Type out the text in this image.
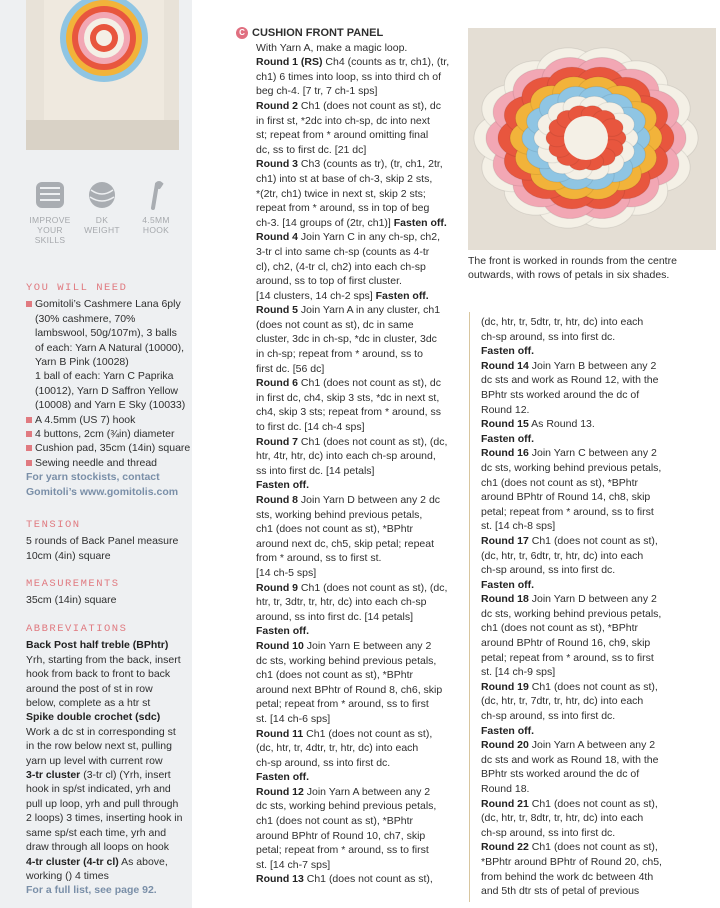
IMPROVE
YOUR SKILLS
DK
WEIGHT
4.5MM
HOOK
YOU WILL NEED
Gomitoli’s Cashmere Lana 6ply
(30% cashmere, 70%
lambswool, 50g/107m), 3 balls
of each: Yarn A Natural (10000),
Yarn B Pink (10028)
1 ball of each: Yarn C Paprika
(10012), Yarn D Saffron Yellow
(10008) and Yarn E Sky (10033)
A 4.5mm (US 7) hook
4 buttons, 2cm (¾in) diameter
Cushion pad, 35cm (14in) square
Sewing needle and thread
For yarn stockists, contact
Gomitoli’s www.gomitolis.com
TENSION
5 rounds of Back Panel measure
10cm (4in) square
MEASUREMENTS
35cm (14in) square
ABBREVIATIONS
Back Post half treble (BPhtr)
Yrh, starting from the back, insert
hook from back to front to back
around the post of st in row
below, complete as a htr st
Spike double crochet (sdc)
Work a dc st in corresponding st
in the row below next st, pulling
yarn up level with current row
3-tr cluster (3-tr cl) (Yrh, insert
hook in sp/st indicated, yrh and
pull up loop, yrh and pull through
2 loops) 3 times, inserting hook in
same sp/st each time, yrh and
draw through all loops on hook
4-tr cluster (4-tr cl) As above,
working () 4 times
For a full list, see page 92.
C CUSHION FRONT PANEL

With Yarn A, make a magic loop.

Round 1 (RS) Ch4 (counts as tr, ch1), (tr,

ch1) 6 times into loop, ss into third ch of

beg ch-4. [7 tr, 7 ch-1 sps]

Round 2 Ch1 (does not count as st), dc

in first st, *2dc into ch-sp, dc into next

st; repeat from * around omitting final

dc, ss to first dc. [21 dc]

Round 3 Ch3 (counts as tr), (tr, ch1, 2tr,

ch1) into st at base of ch-3, skip 2 sts,

*(2tr, ch1) twice in next st, skip 2 sts;

repeat from * around, ss in top of beg

ch-3. [14 groups of (2tr, ch1)] Fasten off.

Round 4 Join Yarn C in any ch-sp, ch2,

3-tr cl into same ch-sp (counts as 4-tr

cl), ch2, (4-tr cl, ch2) into each ch-sp

around, ss to top of first cluster.

[14 clusters, 14 ch-2 sps] Fasten off.

Round 5 Join Yarn A in any cluster, ch1

(does not count as st), dc in same

cluster, 3dc in ch-sp, *dc in cluster, 3dc

in ch-sp; repeat from * around, ss to

first dc. [56 dc]

Round 6 Ch1 (does not count as st), dc

in first dc, ch4, skip 3 sts, *dc in next st,

ch4, skip 3 sts; repeat from * around, ss

to first dc. [14 ch-4 sps]

Round 7 Ch1 (does not count as st), (dc,

htr, 4tr, htr, dc) into each ch-sp around,

ss into first dc. [14 petals]

Fasten off.

Round 8 Join Yarn D between any 2 dc

sts, working behind previous petals,

ch1 (does not count as st), *BPhtr

around next dc, ch5, skip petal; repeat

from * around, ss to first st.

[14 ch-5 sps]

Round 9 Ch1 (does not count as st), (dc,

htr, tr, 3dtr, tr, htr, dc) into each ch-sp

around, ss into first dc. [14 petals]

Fasten off.

Round 10 Join Yarn E between any 2

dc sts, working behind previous petals,

ch1 (does not count as st), *BPhtr

around next BPhtr of Round 8, ch6, skip

petal; repeat from * around, ss to first

st. [14 ch-6 sps]

Round 11 Ch1 (does not count as st),

(dc, htr, tr, 4dtr, tr, htr, dc) into each

ch-sp around, ss into first dc.

Fasten off.

Round 12 Join Yarn A between any 2

dc sts, working behind previous petals,

ch1 (does not count as st), *BPhtr

around BPhtr of Round 10, ch7, skip

petal; repeat from * around, ss to first

st. [14 ch-7 sps]

Round 13 Ch1 (does not count as st),

The front is worked in rounds from the centre
outwards, with rows of petals in six shades.

(dc, htr, tr, 5dtr, tr, htr, dc) into each

ch-sp around, ss into first dc.

Fasten off.

Round 14 Join Yarn B between any 2

dc sts and work as Round 12, with the

BPhtr sts worked around the dc of

Round 12.

Round 15 As Round 13.

Fasten off.

Round 16 Join Yarn C between any 2

dc sts, working behind previous petals,

ch1 (does not count as st), *BPhtr

around BPhtr of Round 14, ch8, skip

petal; repeat from * around, ss to first

st. [14 ch-8 sps]

Round 17 Ch1 (does not count as st),

(dc, htr, tr, 6dtr, tr, htr, dc) into each

ch-sp around, ss into first dc.

Fasten off.

Round 18 Join Yarn D between any 2

dc sts, working behind previous petals,

ch1 (does not count as st), *BPhtr

around BPhtr of Round 16, ch9, skip

petal; repeat from * around, ss to first

st. [14 ch-9 sps]

Round 19 Ch1 (does not count as st),

(dc, htr, tr, 7dtr, tr, htr, dc) into each

ch-sp around, ss into first dc.

Fasten off.

Round 20 Join Yarn A between any 2

dc sts and work as Round 18, with the

BPhtr sts worked around the dc of

Round 18.

Round 21 Ch1 (does not count as st),

(dc, htr, tr, 8dtr, tr, htr, dc) into each

ch-sp around, ss into first dc.

Round 22 Ch1 (does not count as st),

*BPhtr around BPhtr of Round 20, ch5,

from behind the work dc between 4th

and 5th dtr sts of petal of previous
